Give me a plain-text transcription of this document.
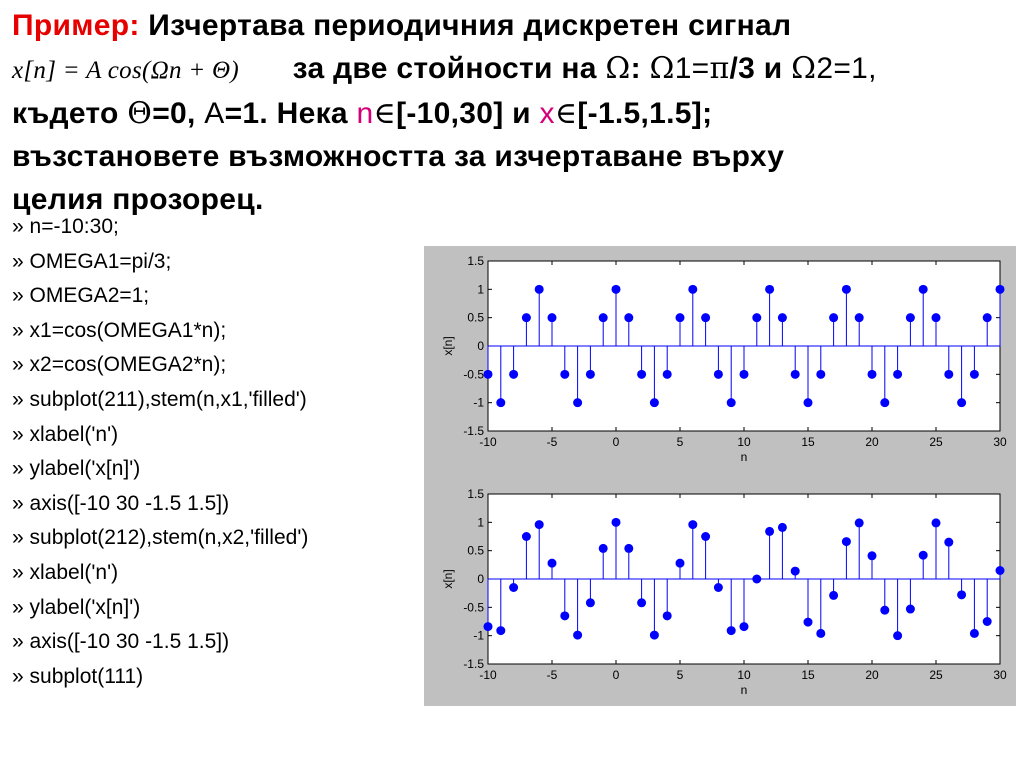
Пример: Изчертава периодичния дискретен сигнал
x[n] = A cos(Ωn + Θ) за две стойности на Ω: Ω1=π/3 и Ω2=1,
където Θ=0, А=1. Нека n∈[-10,30] и x∈[-1.5,1.5];
възстановете възможността за изчертаване върху
целия прозорец.
» n=-10:30;
» OMEGA1=pi/3;
» OMEGA2=1;
» x1=cos(OMEGA1*n);
» x2=cos(OMEGA2*n);
» subplot(211),stem(n,x1,'filled')
» xlabel('n')
» ylabel('x[n]')
» axis([-10 30 -1.5 1.5])
» subplot(212),stem(n,x2,'filled')
» xlabel('n')
» ylabel('x[n]')
» axis([-10 30 -1.5 1.5])
» subplot(111)
-10	-5	0	5	10	15	20	25	30
-1.5
-1
-0.5
0
0.5
1
1.5
n
x[n]
-10	-5	0	5	10	15	20	25	30
-1.5
-1
-0.5
0
0.5
1
1.5
n
x[n]
